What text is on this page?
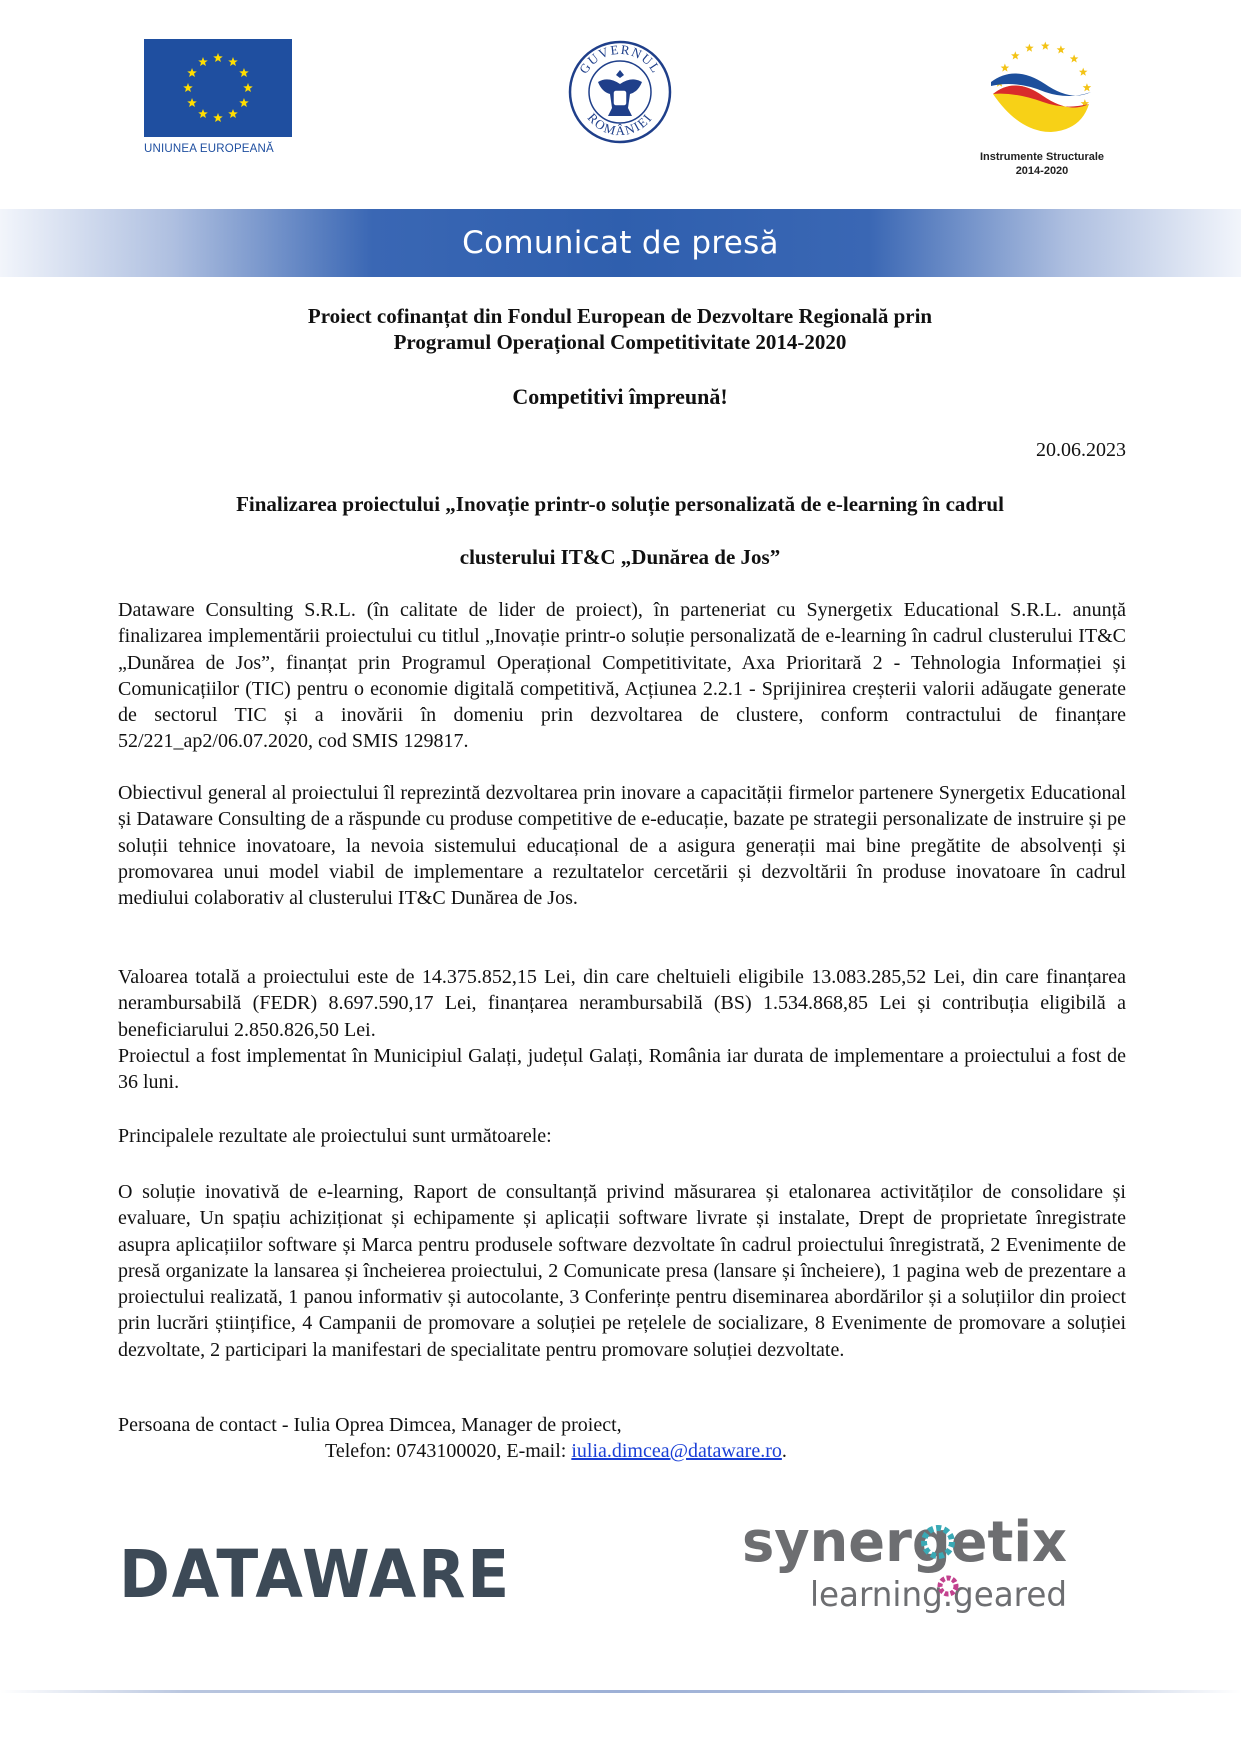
UNIUNEA EUROPEANĂ
GUVERNUL
ROMÂNIEI
Instrumente Structurale
2014-2020
Comunicat de presă
Proiect cofinanțat din Fondul European de Dezvoltare Regională prin
Programul Operațional Competitivitate 2014-2020
Competitivi împreună!
20.06.2023
Finalizarea proiectului „Inovație printr-o soluție personalizată de e-learning în cadrul
clusterului IT&C „Dunărea de Jos”
Dataware Consulting S.R.L. (în calitate de lider de proiect), în parteneriat cu Synergetix Educational S.R.L. anunță finalizarea implementării proiectului cu titlul „Inovație printr-o soluție personalizată de e-learning în cadrul clusterului IT&C „Dunărea de Jos”, finanțat prin Programul Operațional Competitivitate, Axa Prioritară 2 - Tehnologia Informației și Comunicațiilor (TIC) pentru o economie digitală competitivă, Acțiunea 2.2.1 - Sprijinirea creșterii valorii adăugate generate de sectorul TIC și a inovării în domeniu prin dezvoltarea de clustere, conform contractului de finanțare 52/221_ap2/06.07.2020, cod SMIS 129817.
Obiectivul general al proiectului îl reprezintă dezvoltarea prin inovare a capacității firmelor partenere Synergetix Educational și Dataware Consulting de a răspunde cu produse competitive de e-educație, bazate pe strategii personalizate de instruire și pe soluții tehnice inovatoare, la nevoia sistemului educațional de a asigura generații mai bine pregătite de absolvenți și promovarea unui model viabil de implementare a rezultatelor cercetării și dezvoltării în produse inovatoare în cadrul mediului colaborativ al clusterului IT&C Dunărea de Jos.
Valoarea totală a proiectului este de 14.375.852,15 Lei, din care cheltuieli eligibile 13.083.285,52 Lei, din care finanțarea nerambursabilă (FEDR) 8.697.590,17 Lei, finanțarea nerambursabilă (BS) 1.534.868,85 Lei și contribuția eligibilă a beneficiarului 2.850.826,50 Lei.
Proiectul a fost implementat în Municipiul Galați, județul Galați, România iar durata de implementare a proiectului a fost de 36 luni.
Principalele rezultate ale proiectului sunt următoarele:
O soluție inovativă de e-learning, Raport de consultanță privind măsurarea și etalonarea activităților de consolidare și evaluare, Un spațiu achiziționat și echipamente și aplicații software livrate și instalate, Drept de proprietate înregistrate asupra aplicațiilor software și Marca pentru produsele software dezvoltate în cadrul proiectului înregistrată, 2 Evenimente de presă organizate la lansarea și încheierea proiectului, 2 Comunicate presa (lansare și încheiere), 1 pagina web de prezentare a proiectului realizată, 1 panou informativ și autocolante, 3 Conferințe pentru diseminarea abordărilor și a soluțiilor din proiect prin lucrări științifice, 4 Campanii de promovare a soluției pe rețelele de socializare, 8 Evenimente de promovare a soluției dezvoltate, 2 participari la manifestari de specialitate pentru promovare soluției dezvoltate.
Persoana de contact - Iulia Oprea Dimcea, Manager de proiect,
Telefon: 0743100020, E-mail: iulia.dimcea@dataware.ro.
DATAWARE	synergetix
learning.geared
